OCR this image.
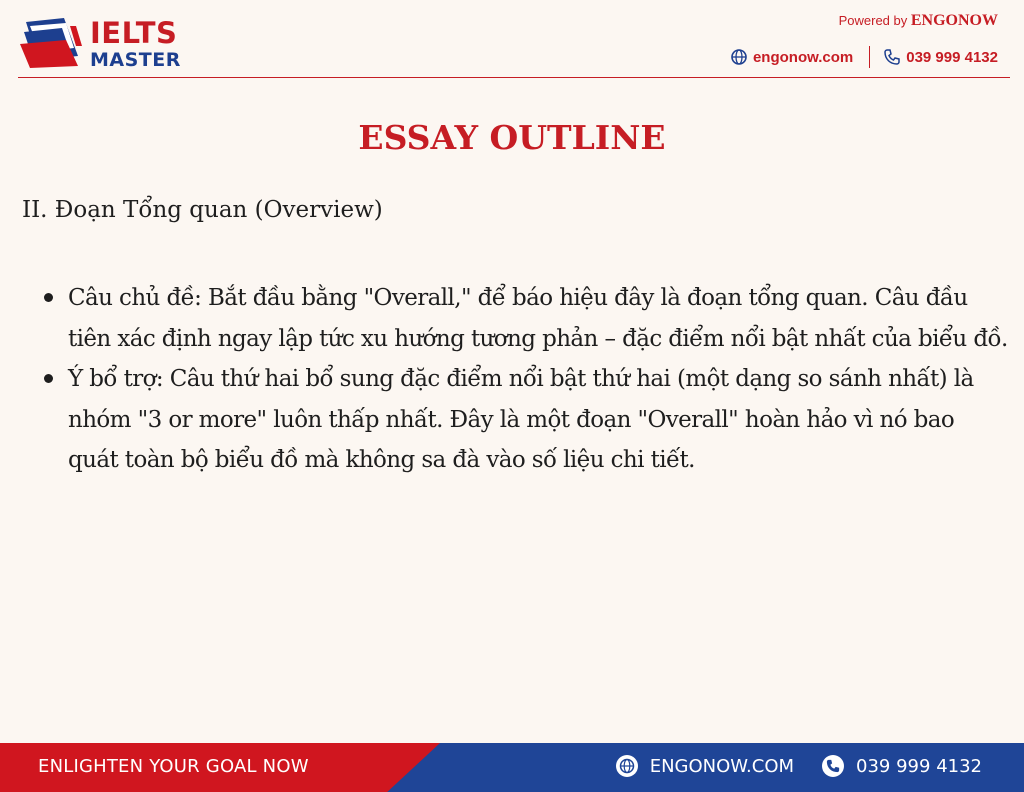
IELTS
MASTER
Powered by ENGONOW
engonow.com	039 999 4132
ESSAY OUTLINE
II. Đoạn Tổng quan (Overview)

Câu chủ đề: Bắt đầu bằng "Overall," để báo hiệu đây là đoạn tổng quan. Câu đầu tiên xác định ngay lập tức xu hướng tương phản – đặc điểm nổi bật nhất của biểu đồ.

Ý bổ trợ: Câu thứ hai bổ sung đặc điểm nổi bật thứ hai (một dạng so sánh nhất) là nhóm "3 or more" luôn thấp nhất. Đây là một đoạn "Overall" hoàn hảo vì nó bao quát toàn bộ biểu đồ mà không sa đà vào số liệu chi tiết.

ENLIGHTEN YOUR GOAL NOW	ENGONOW.COM	039 999 4132
